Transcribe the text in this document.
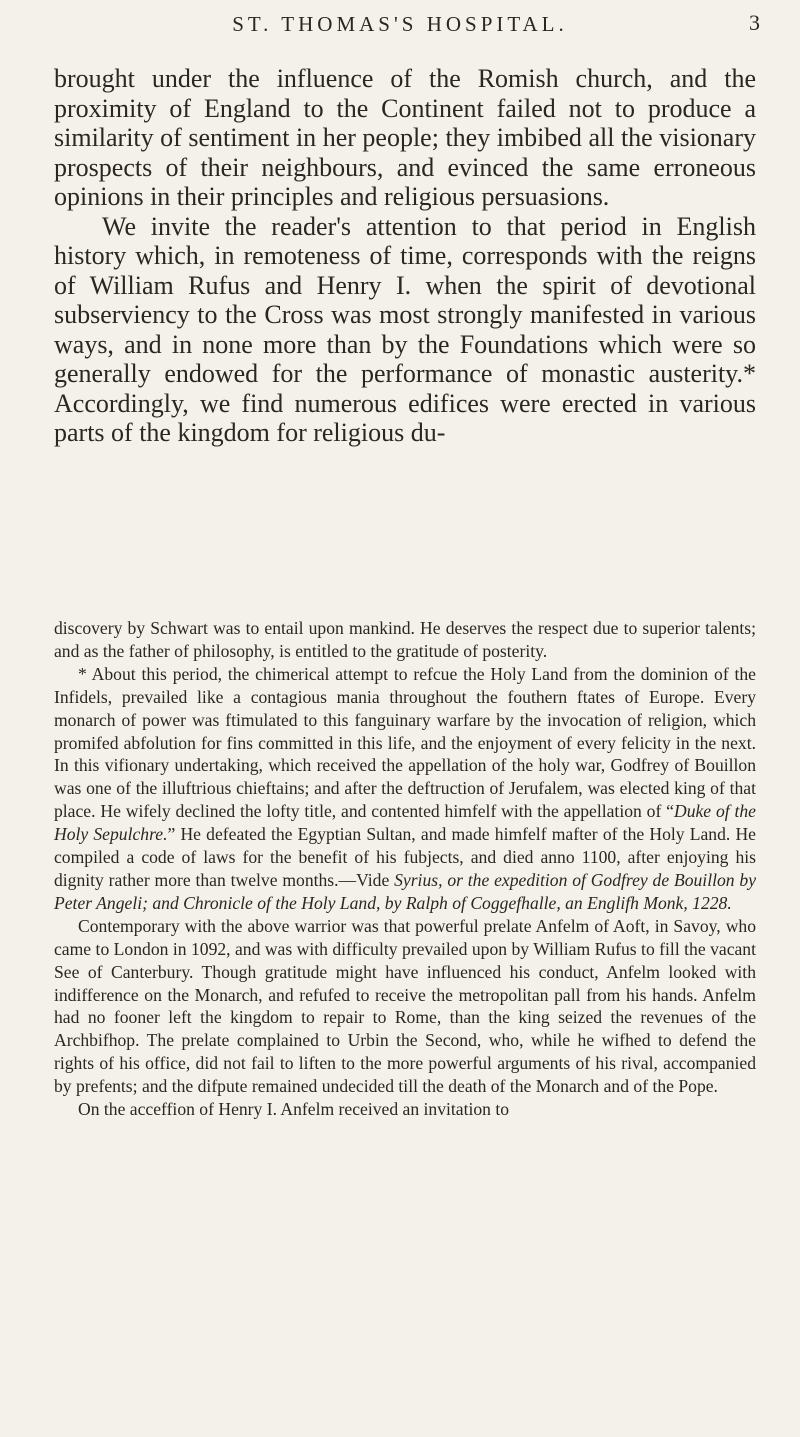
ST. THOMAS'S HOSPITAL.	3

brought under the influence of the Romish church, and the proximity of England to the Continent failed not to produce a similarity of sentiment in her people; they imbibed all the visionary prospects of their neighbours, and evinced the same erroneous opinions in their principles and religious persuasions.

We invite the reader's attention to that period in English history which, in remoteness of time, corresponds with the reigns of William Rufus and Henry I. when the spirit of devotional subserviency to the Cross was most strongly manifested in various ways, and in none more than by the Foundations which were so generally endowed for the performance of monastic austerity.* Accordingly, we find numerous edifices were erected in various parts of the kingdom for religious du-

discovery by Schwart was to entail upon mankind. He deserves the respect due to superior talents; and as the father of philosophy, is entitled to the gratitude of posterity.

* About this period, the chimerical attempt to refcue the Holy Land from the dominion of the Infidels, prevailed like a contagious mania throughout the fouthern ftates of Europe. Every monarch of power was ftimulated to this fanguinary warfare by the invocation of religion, which promifed abfolution for fins committed in this life, and the enjoyment of every felicity in the next. In this vifionary undertaking, which received the appellation of the holy war, Godfrey of Bouillon was one of the illuftrious chieftains; and after the deftruction of Jerufalem, was elected king of that place. He wifely declined the lofty title, and contented himfelf with the appellation of “Duke of the Holy Sepulchre.” He defeated the Egyptian Sultan, and made himfelf mafter of the Holy Land. He compiled a code of laws for the benefit of his fubjects, and died anno 1100, after enjoying his dignity rather more than twelve months.—Vide Syrius, or the expedition of Godfrey de Bouillon by Peter Angeli; and Chronicle of the Holy Land, by Ralph of Coggefhalle, an Englifh Monk, 1228.

Contemporary with the above warrior was that powerful prelate Anfelm of Aoft, in Savoy, who came to London in 1092, and was with difficulty prevailed upon by William Rufus to fill the vacant See of Canterbury. Though gratitude might have influenced his conduct, Anfelm looked with indifference on the Monarch, and refufed to receive the metropolitan pall from his hands. Anfelm had no fooner left the kingdom to repair to Rome, than the king seized the revenues of the Archbifhop. The prelate complained to Urbin the Second, who, while he wifhed to defend the rights of his office, did not fail to liften to the more powerful arguments of his rival, accompanied by prefents; and the difpute remained undecided till the death of the Monarch and of the Pope.

On the acceffion of Henry I. Anfelm received an invitation to
